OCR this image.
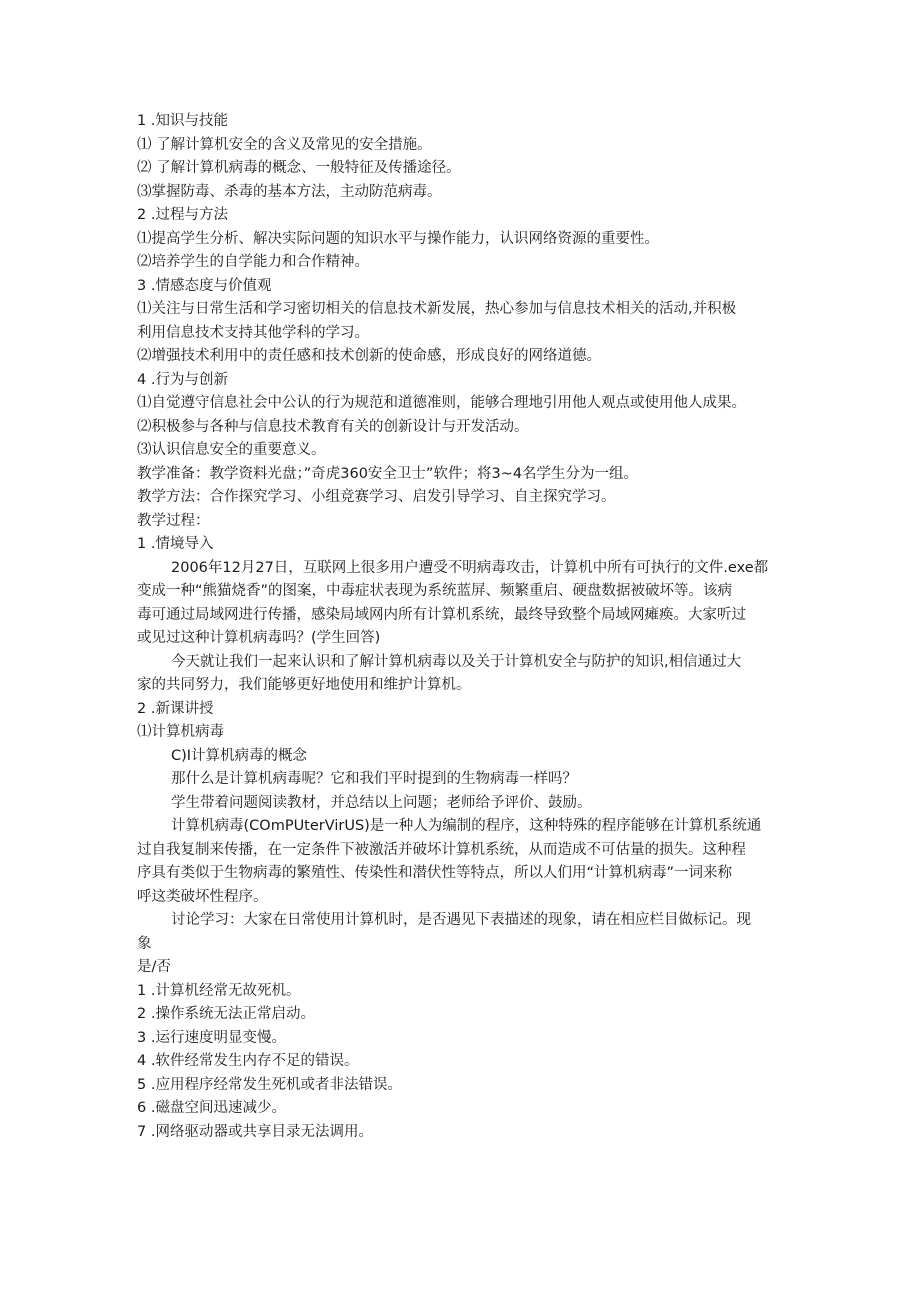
1 .知识与技能
⑴ 了解计算机安全的含义及常见的安全措施。
⑵ 了解计算机病毒的概念、一般特征及传播途径。
⑶掌握防毒、杀毒的基本方法，主动防范病毒。
2 .过程与方法
⑴提高学生分析、解决实际问题的知识水平与操作能力，认识网络资源的重要性。
⑵培养学生的自学能力和合作精神。
3 .情感态度与价值观
⑴关注与日常生活和学习密切相关的信息技术新发展，热心参加与信息技术相关的活动,并积极
利用信息技术支持其他学科的学习。
⑵增强技术利用中的责任感和技术创新的使命感，形成良好的网络道德。
4 .行为与创新
⑴自觉遵守信息社会中公认的行为规范和道德准则，能够合理地引用他人观点或使用他人成果。
⑵积极参与各种与信息技术教育有关的创新设计与开发活动。
⑶认识信息安全的重要意义。
教学准备：教学资料光盘；”奇虎360安全卫士”软件；将3~4名学生分为一组。
教学方法：合作探究学习、小组竞赛学习、启发引导学习、自主探究学习。
教学过程：
1 .情境导入
2006年12月27日，互联网上很多用户遭受不明病毒攻击，计算机中所有可执行的文件.exe都
变成一种“熊猫烧香”的图案，中毒症状表现为系统蓝屏、频繁重启、硬盘数据被破坏等。该病
毒可通过局域网进行传播，感染局域网内所有计算机系统，最终导致整个局域网瘫痪。大家听过
或见过这种计算机病毒吗？(学生回答)
今天就让我们一起来认识和了解计算机病毒以及关于计算机安全与防护的知识,相信通过大
家的共同努力，我们能够更好地使用和维护计算机。
2 .新课讲授
⑴计算机病毒
C)I计算机病毒的概念
那什么是计算机病毒呢？它和我们平时提到的生物病毒一样吗？
学生带着问题阅读教材，并总结以上问题；老师给予评价、鼓励。
计算机病毒(COmPUterVirUS)是一种人为编制的程序，这种特殊的程序能够在计算机系统通
过自我复制来传播，在一定条件下被激活并破坏计算机系统，从而造成不可估量的损失。这种程
序具有类似于生物病毒的繁殖性、传染性和潜伏性等特点，所以人们用“计算机病毒”一词来称
呼这类破坏性程序。
讨论学习：大家在日常使用计算机时，是否遇见下表描述的现象，请在相应栏目做标记。现
象
是/否
1 .计算机经常无故死机。
2 .操作系统无法正常启动。
3 .运行速度明显变慢。
4 .软件经常发生内存不足的错误。
5 .应用程序经常发生死机或者非法错误。
6 .磁盘空间迅速减少。
7 .网络驱动器或共享目录无法调用。
